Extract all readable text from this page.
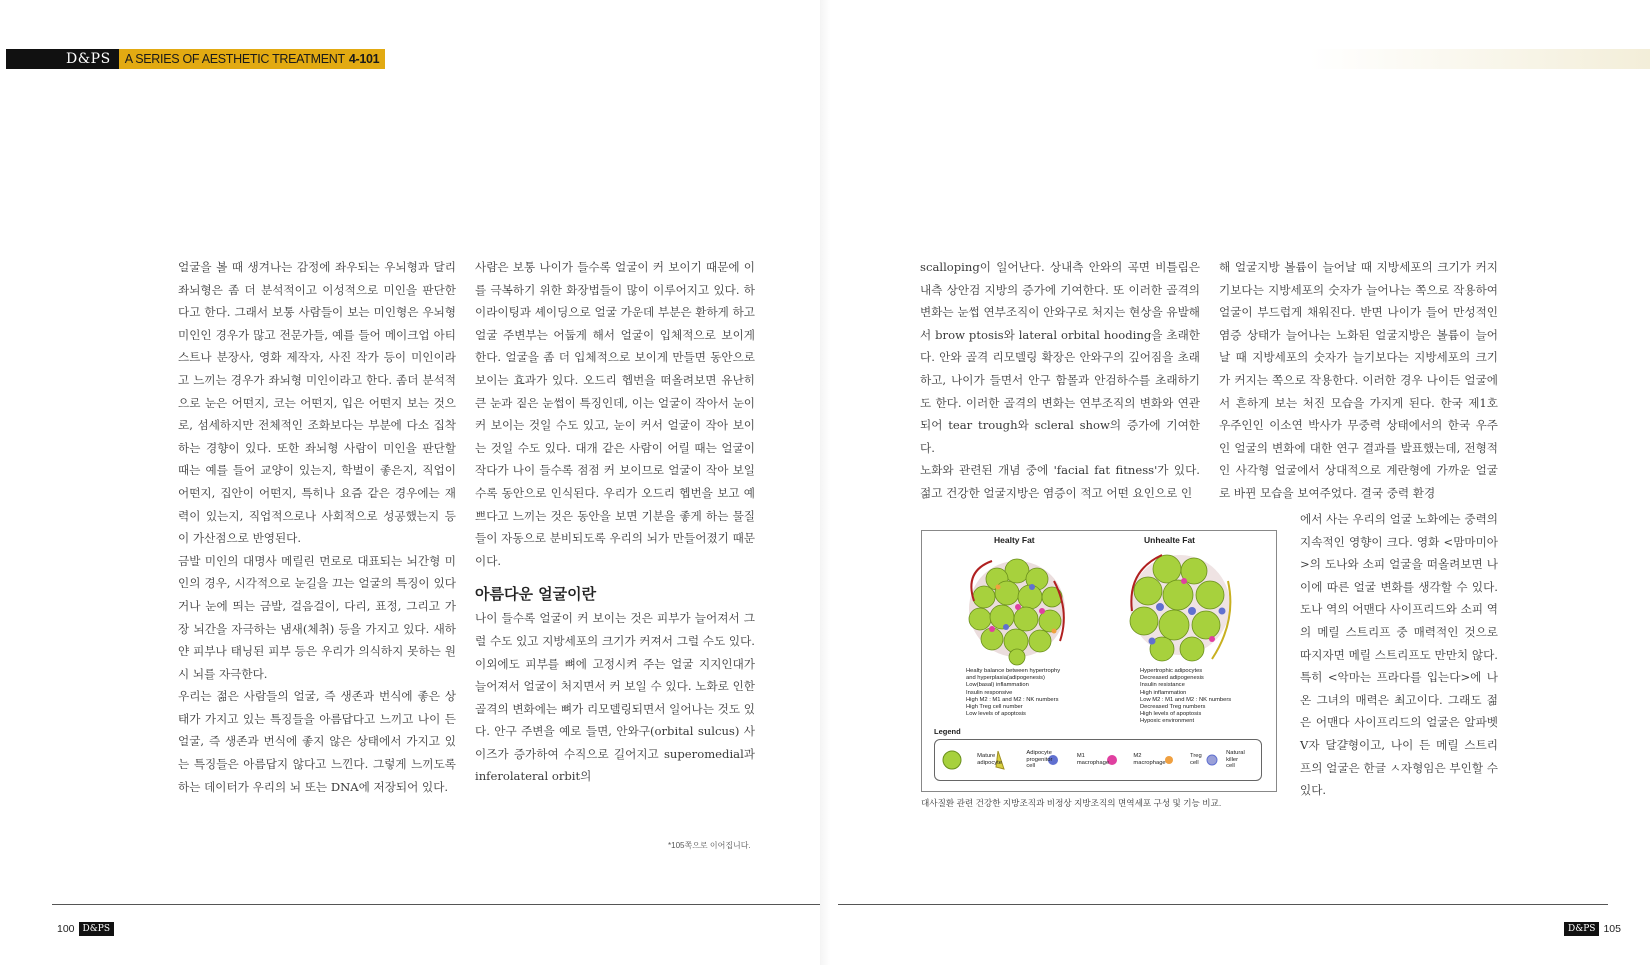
D&PS	A SERIES OF AESTHETIC TREATMENT 4-101

얼굴을 볼 때 생겨나는 감정에 좌우되는 우뇌형과 달리 좌뇌형은 좀 더 분석적이고 이성적으로 미인을 판단한다고 한다. 그래서 보통 사람들이 보는 미인형은 우뇌형 미인인 경우가 많고 전문가들, 예를 들어 메이크업 아티스트나 분장사, 영화 제작자, 사진 작가 등이 미인이라고 느끼는 경우가 좌뇌형 미인이라고 한다. 좀더 분석적으로 눈은 어떤지, 코는 어떤지, 입은 어떤지 보는 것으로, 섬세하지만 전체적인 조화보다는 부분에 다소 집착하는 경향이 있다. 또한 좌뇌형 사람이 미인을 판단할 때는 예를 들어 교양이 있는지, 학벌이 좋은지, 직업이 어떤지, 집안이 어떤지, 특히나 요즘 같은 경우에는 재력이 있는지, 직업적으로나 사회적으로 성공했는지 등이 가산점으로 반영된다.

금발 미인의 대명사 메릴린 먼로로 대표되는 뇌간형 미인의 경우, 시각적으로 눈길을 끄는 얼굴의 특징이 있다거나 눈에 띄는 금발, 걸음걸이, 다리, 표정, 그리고 가장 뇌간을 자극하는 냄새(체취) 등을 가지고 있다. 새하얀 피부나 태닝된 피부 등은 우리가 의식하지 못하는 원시 뇌를 자극한다.

우리는 젊은 사람들의 얼굴, 즉 생존과 번식에 좋은 상태가 가지고 있는 특징들을 아름답다고 느끼고 나이 든 얼굴, 즉 생존과 번식에 좋지 않은 상태에서 가지고 있는 특징들은 아름답지 않다고 느낀다. 그렇게 느끼도록 하는 데이터가 우리의 뇌 또는 DNA에 저장되어 있다.

사람은 보통 나이가 들수록 얼굴이 커 보이기 때문에 이를 극복하기 위한 화장법들이 많이 이루어지고 있다. 하이라이팅과 셰이딩으로 얼굴 가운데 부분은 환하게 하고 얼굴 주변부는 어둡게 해서 얼굴이 입체적으로 보이게 한다. 얼굴을 좀 더 입체적으로 보이게 만들면 동안으로 보이는 효과가 있다. 오드리 헵번을 떠올려보면 유난히 큰 눈과 짙은 눈썹이 특징인데, 이는 얼굴이 작아서 눈이 커 보이는 것일 수도 있고, 눈이 커서 얼굴이 작아 보이는 것일 수도 있다. 대개 같은 사람이 어릴 때는 얼굴이 작다가 나이 들수록 점점 커 보이므로 얼굴이 작아 보일수록 동안으로 인식된다. 우리가 오드리 헵번을 보고 예쁘다고 느끼는 것은 동안을 보면 기분을 좋게 하는 물질들이 자동으로 분비되도록 우리의 뇌가 만들어졌기 때문이다.

아름다운 얼굴이란

나이 들수록 얼굴이 커 보이는 것은 피부가 늘어져서 그럴 수도 있고 지방세포의 크기가 커져서 그럴 수도 있다. 이외에도 피부를 뼈에 고정시켜 주는 얼굴 지지인대가 늘어져서 얼굴이 처지면서 커 보일 수 있다. 노화로 인한 골격의 변화에는 뼈가 리모델링되면서 일어나는 것도 있다. 안구 주변을 예로 들면, 안와구(orbital sulcus) 사이즈가 증가하여 수직으로 길어지고 superomedial과 inferolateral orbit의

*105쪽으로 이어집니다.
100 D&PS

scalloping이 일어난다. 상내측 안와의 곡면 비틀림은 내측 상안검 지방의 증가에 기여한다. 또 이러한 골격의 변화는 눈썹 연부조직이 안와구로 처지는 현상을 유발해서 brow ptosis와 lateral orbital hooding을 초래한다. 안와 골격 리모델링 확장은 안와구의 깊어짐을 초래하고, 나이가 들면서 안구 함몰과 안검하수를 초래하기도 한다. 이러한 골격의 변화는 연부조직의 변화와 연관되어 tear trough와 scleral show의 증가에 기여한다.

노화와 관련된 개념 중에 'facial fat fitness'가 있다. 젊고 건강한 얼굴지방은 염증이 적고 어떤 요인으로 인

해 얼굴지방 볼륨이 늘어날 때 지방세포의 크기가 커지기보다는 지방세포의 숫자가 늘어나는 쪽으로 작용하여 얼굴이 부드럽게 채워진다. 반면 나이가 들어 만성적인 염증 상태가 늘어나는 노화된 얼굴지방은 볼륨이 늘어날 때 지방세포의 숫자가 늘기보다는 지방세포의 크기가 커지는 쪽으로 작용한다. 이러한 경우 나이든 얼굴에서 흔하게 보는 처진 모습을 가지게 된다. 한국 제1호 우주인인 이소연 박사가 무중력 상태에서의 한국 우주인 얼굴의 변화에 대한 연구 결과를 발표했는데, 전형적인 사각형 얼굴에서 상대적으로 계란형에 가까운 얼굴로 바뀐 모습을 보여주었다. 결국 중력 환경

에서 사는 우리의 얼굴 노화에는 중력의 지속적인 영향이 크다. 영화 <맘마미아>의 도나와 소피 얼굴을 떠올려보면 나이에 따른 얼굴 변화를 생각할 수 있다. 도나 역의 어맨다 사이프리드와 소피 역의 메릴 스트리프 중 매력적인 것으로 따지자면 메릴 스트리프도 만만치 않다. 특히 <악마는 프라다를 입는다>에 나온 그녀의 매력은 최고이다. 그래도 젊은 어맨다 사이프리드의 얼굴은 알파벳 V자 달걀형이고, 나이 든 메릴 스트리프의 얼굴은 한글 ㅅ자형임은 부인할 수 있다.

Healty Fat	Unhealte Fat
Healty balance between hypertrophy
and hyperplasia(adipogenesis)
Low(basal) inflammation
Insulin responsive
High M2 : M1 and M2 : NK numbers
High Treg cell number
Low levels of apoptosis
Hypertrophic adipocytes
Decreased adipogenesis
Insulin resistance
High inflammation
Low M2 : M1 and M2 : NK numbers
Decreased Treg numbers
High levels of apoptosis
Hypoxic environment
Legend
Mature
adipocyte
Adipocyte
progenitor
cell
M1
macrophage
M2
macrophage
Treg
cell
Natural
killer
cell
대사질환 관련 건강한 지방조직과 비정상 지방조직의 면역세포 구성 및 기능 비교.
D&PS 105
